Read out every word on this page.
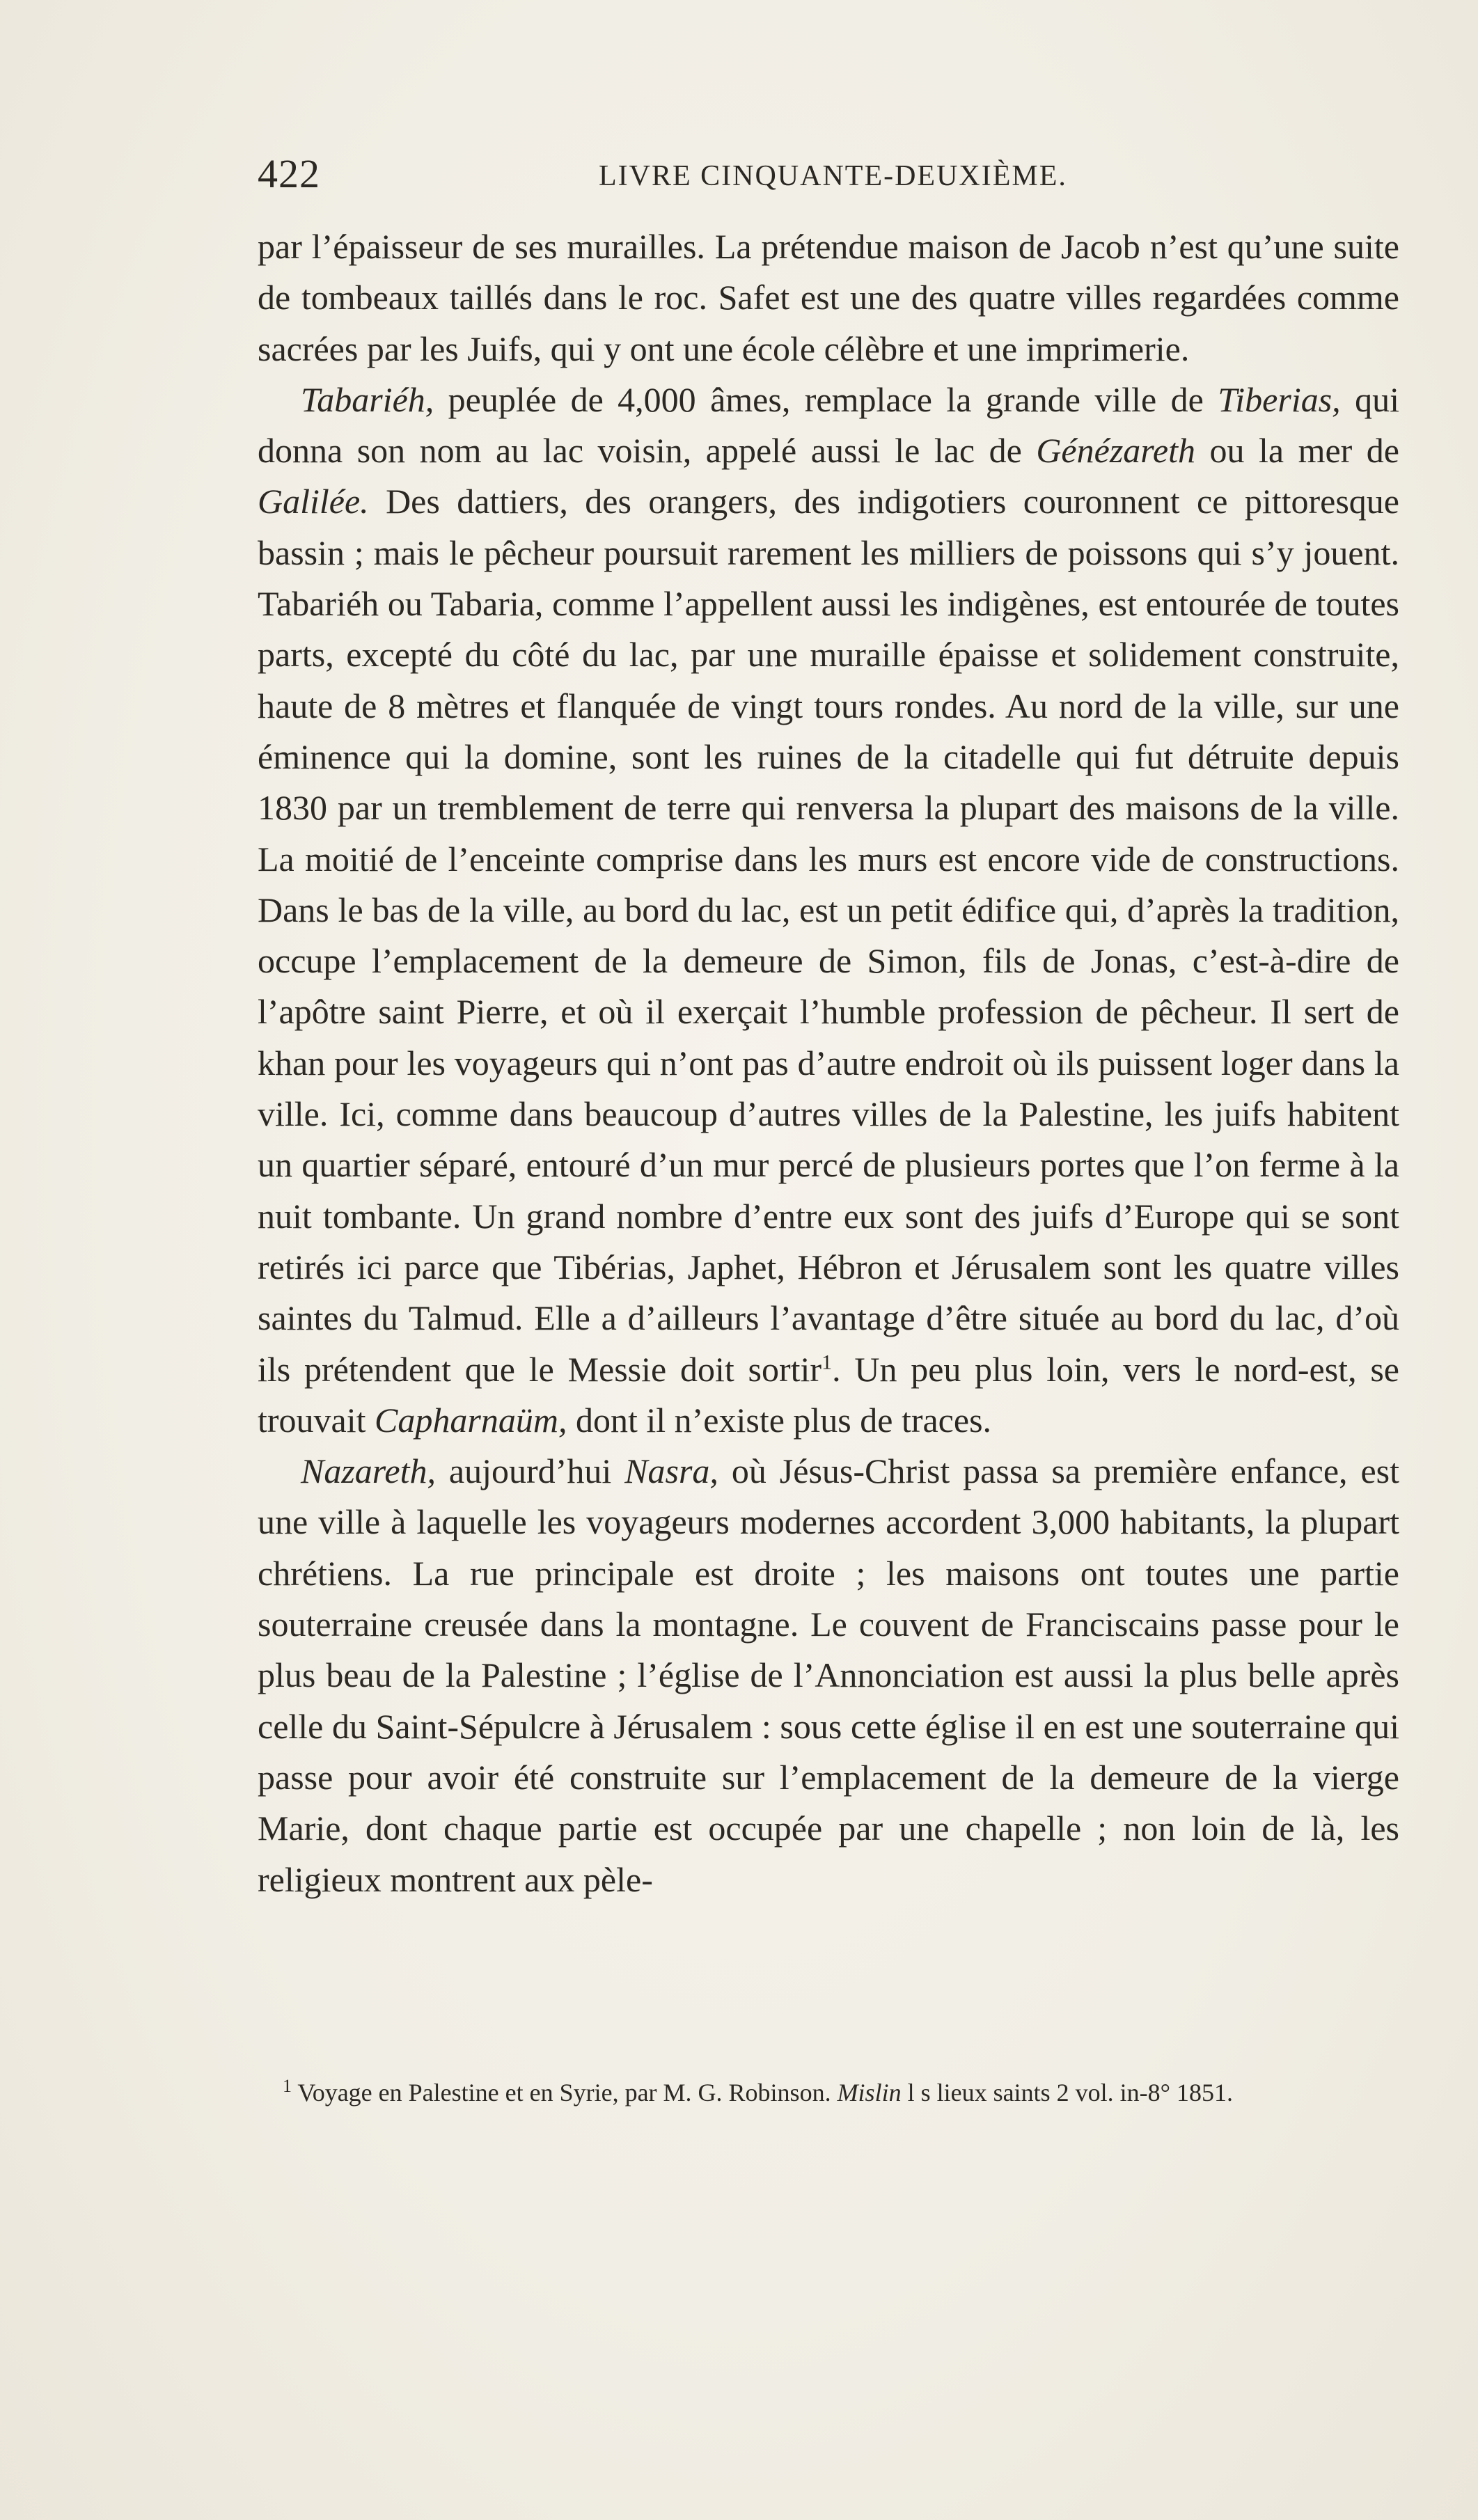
422	LIVRE CINQUANTE-DEUXIÈME.

par l’épaisseur de ses murailles. La prétendue maison de Jacob n’est qu’une suite de tombeaux taillés dans le roc. Safet est une des quatre villes regardées comme sacrées par les Juifs, qui y ont une école célèbre et une imprimerie.

Tabariéh, peuplée de 4,000 âmes, remplace la grande ville de Tiberias, qui donna son nom au lac voisin, appelé aussi le lac de Génézareth ou la mer de Galilée. Des dattiers, des orangers, des indigotiers couronnent ce pittoresque bassin ; mais le pêcheur poursuit rarement les milliers de poissons qui s’y jouent. Tabariéh ou Tabaria, comme l’appellent aussi les indigènes, est entourée de toutes parts, excepté du côté du lac, par une muraille épaisse et solidement construite, haute de 8 mètres et flanquée de vingt tours rondes. Au nord de la ville, sur une éminence qui la domine, sont les ruines de la citadelle qui fut détruite depuis 1830 par un tremblement de terre qui renversa la plupart des maisons de la ville. La moitié de l’enceinte comprise dans les murs est encore vide de constructions. Dans le bas de la ville, au bord du lac, est un petit édifice qui, d’après la tradition, occupe l’emplacement de la demeure de Simon, fils de Jonas, c’est-à-dire de l’apôtre saint Pierre, et où il exerçait l’humble profession de pêcheur. Il sert de khan pour les voyageurs qui n’ont pas d’autre endroit où ils puissent loger dans la ville. Ici, comme dans beaucoup d’autres villes de la Palestine, les juifs habitent un quartier séparé, entouré d’un mur percé de plusieurs portes que l’on ferme à la nuit tombante. Un grand nombre d’entre eux sont des juifs d’Europe qui se sont retirés ici parce que Tibérias, Japhet, Hébron et Jérusalem sont les quatre villes saintes du Talmud. Elle a d’ailleurs l’avantage d’être située au bord du lac, d’où ils prétendent que le Messie doit sortir$^1$. Un peu plus loin, vers le nord-est, se trouvait Capharnaüm, dont il n’existe plus de traces.

Nazareth, aujourd’hui Nasra, où Jésus-Christ passa sa première enfance, est une ville à laquelle les voyageurs modernes accordent 3,000 habitants, la plupart chrétiens. La rue principale est droite ; les maisons ont toutes une partie souterraine creusée dans la montagne. Le couvent de Franciscains passe pour le plus beau de la Palestine ; l’église de l’Annonciation est aussi la plus belle après celle du Saint-Sépulcre à Jérusalem : sous cette église il en est une souterraine qui passe pour avoir été construite sur l’emplacement de la demeure de la vierge Marie, dont chaque partie est occupée par une chapelle ; non loin de là, les religieux montrent aux pèle-

$^1$ Voyage en Palestine et en Syrie, par M. G. Robinson. Mislin l s lieux saints 2 vol. in-8° 1851.
